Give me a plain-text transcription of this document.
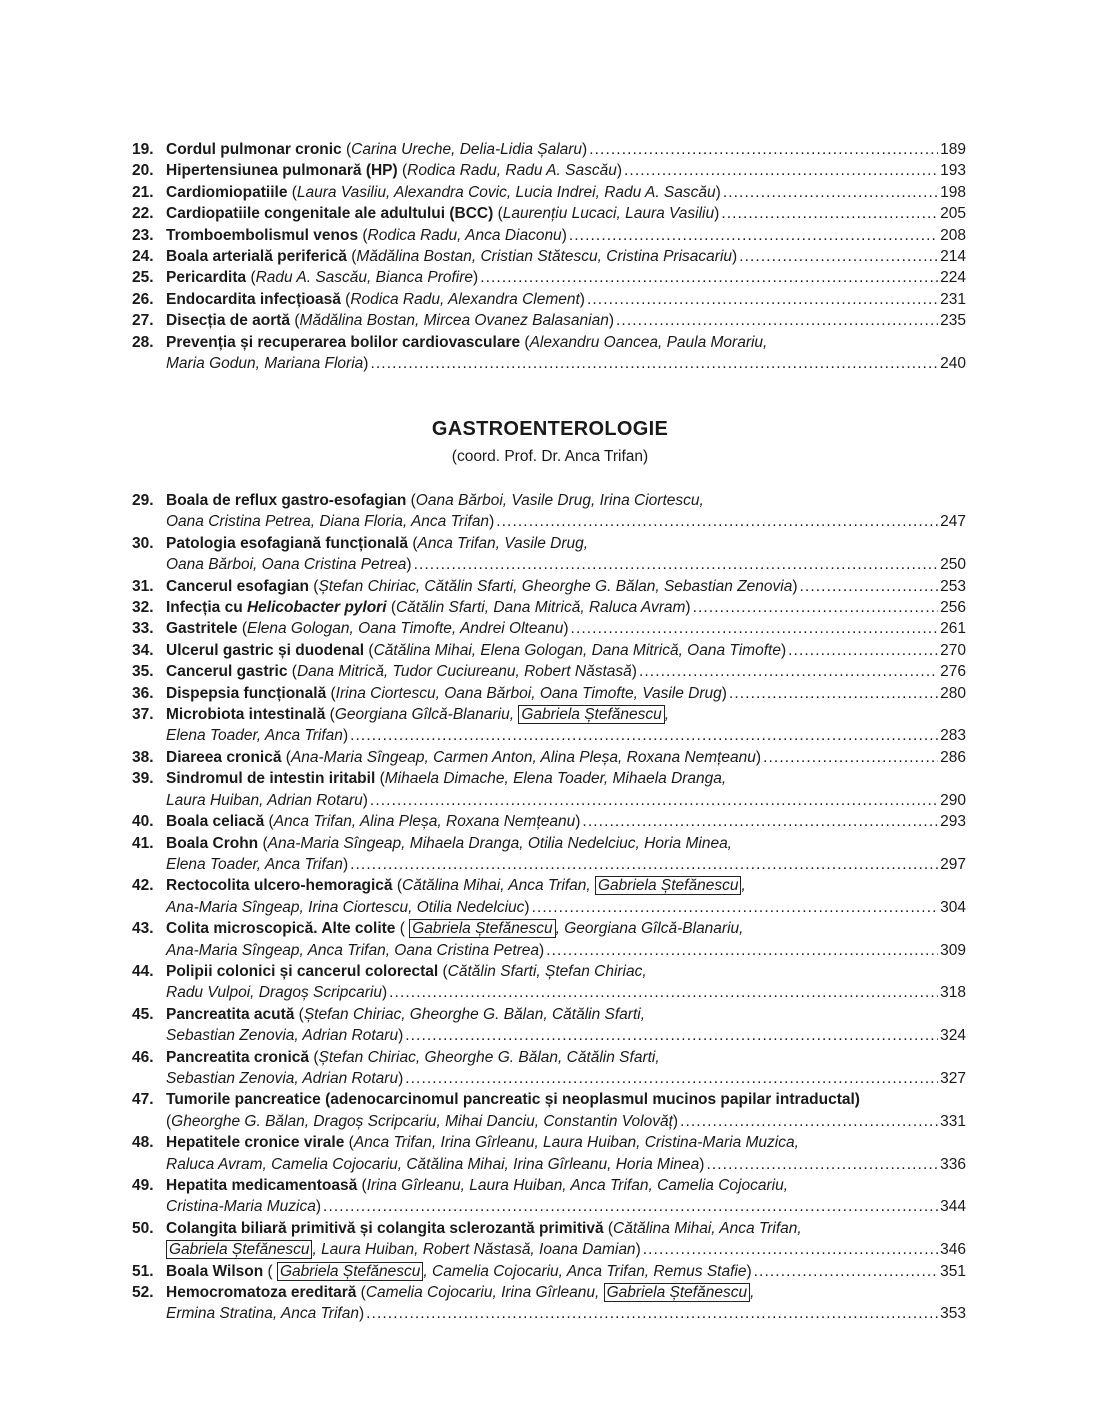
19. Cordul pulmonar cronic (Carina Ureche, Delia-Lidia Șalaru) . . .	189
20. Hipertensiunea pulmonară (HP) (Rodica Radu, Radu A. Sascău) . . .	193
21. Cardiomiopatiile (Laura Vasiliu, Alexandra Covic, Lucia Indrei, Radu A. Sascău) . . .	198
22. Cardiopatiile congenitale ale adultului (BCC) (Laurențiu Lucaci, Laura Vasiliu) . . .	205
23. Tromboembolismul venos (Rodica Radu, Anca Diaconu) . . .	208
24. Boala arterială periferică (Mădălina Bostan, Cristian Stătescu, Cristina Prisacariu) . . .	214
25. Pericardita (Radu A. Sascău, Bianca Profire) . . .	224
26. Endocardita infecțioasă (Rodica Radu, Alexandra Clement) . . .	231
27. Disecția de aortă (Mădălina Bostan, Mircea Ovanez Balasanian) . . .	235
28. Prevenția și recuperarea bolilor cardiovasculare (Alexandru Oancea, Paula Morariu,
Maria Godun, Mariana Floria) . . .	240
GASTROENTEROLOGIE
(coord. Prof. Dr. Anca Trifan)
29. Boala de reflux gastro-esofagian (Oana Bărboi, Vasile Drug, Irina Ciortescu,
Oana Cristina Petrea, Diana Floria, Anca Trifan) . . .	247
30. Patologia esofagiană funcțională (Anca Trifan, Vasile Drug,
Oana Bărboi, Oana Cristina Petrea) . . .	250
31. Cancerul esofagian (Ștefan Chiriac, Cătălin Sfarti, Gheorghe G. Bălan, Sebastian Zenovia) . . .	253
32. Infecția cu Helicobacter pylori (Cătălin Sfarti, Dana Mitrică, Raluca Avram) . . .	256
33. Gastritele (Elena Gologan, Oana Timofte, Andrei Olteanu) . . .	261
34. Ulcerul gastric și duodenal (Cătălina Mihai, Elena Gologan, Dana Mitrică, Oana Timofte) . . .	270
35. Cancerul gastric (Dana Mitrică, Tudor Cuciureanu, Robert Năstasă) . . .	276
36. Dispepsia funcțională (Irina Ciortescu, Oana Bărboi, Oana Timofte, Vasile Drug) . . .	280
37. Microbiota intestinală (Georgiana Gîlcă-Blanariu, Gabriela Ștefănescu ,
Elena Toader, Anca Trifan) . . .	283
38. Diareea cronică (Ana-Maria Sîngeap, Carmen Anton, Alina Pleșa, Roxana Nemțeanu) . . .	286
39. Sindromul de intestin iritabil (Mihaela Dimache, Elena Toader, Mihaela Dranga,
Laura Huiban, Adrian Rotaru) . . .	290
40. Boala celiacă (Anca Trifan, Alina Pleșa, Roxana Nemțeanu) . . .	293
41. Boala Crohn (Ana-Maria Sîngeap, Mihaela Dranga, Otilia Nedelciuc, Horia Minea,
Elena Toader, Anca Trifan) . . .	297
42. Rectocolita ulcero-hemoragică (Cătălina Mihai, Anca Trifan, Gabriela Ștefănescu ,
Ana-Maria Sîngeap, Irina Ciortescu, Otilia Nedelciuc) . . .	304
43. Colita microscopică. Alte colite ( Gabriela Ștefănescu , Georgiana Gîlcă-Blanariu,
Ana-Maria Sîngeap, Anca Trifan, Oana Cristina Petrea) . . .	309
44. Polipii colonici și cancerul colorectal (Cătălin Sfarti, Ștefan Chiriac,
Radu Vulpoi, Dragoș Scripcariu) . . .	318
45. Pancreatita acută (Ștefan Chiriac, Gheorghe G. Bălan, Cătălin Sfarti,
Sebastian Zenovia, Adrian Rotaru) . . .	324
46. Pancreatita cronică (Ștefan Chiriac, Gheorghe G. Bălan, Cătălin Sfarti,
Sebastian Zenovia, Adrian Rotaru) . . .	327
47. Tumorile pancreatice (adenocarcinomul pancreatic și neoplasmul mucinos papilar intraductal)
(Gheorghe G. Bălan, Dragoș Scripcariu, Mihai Danciu, Constantin Volovăț) . . .	331
48. Hepatitele cronice virale (Anca Trifan, Irina Gîrleanu, Laura Huiban, Cristina-Maria Muzica,
Raluca Avram, Camelia Cojocariu, Cătălina Mihai, Irina Gîrleanu, Horia Minea) . . .	336
49. Hepatita medicamentoasă (Irina Gîrleanu, Laura Huiban, Anca Trifan, Camelia Cojocariu,
Cristina-Maria Muzica) . . .	344
50. Colangita biliară primitivă și colangita sclerozantă primitivă (Cătălina Mihai, Anca Trifan,
Gabriela Ștefănescu , Laura Huiban, Robert Năstasă, Ioana Damian) . . .	346
51. Boala Wilson ( Gabriela Ștefănescu , Camelia Cojocariu, Anca Trifan, Remus Stafie) . . .	351
52. Hemocromatoza ereditară (Camelia Cojocariu, Irina Gîrleanu, Gabriela Ștefănescu ,
Ermina Stratina, Anca Trifan) . . .	353
